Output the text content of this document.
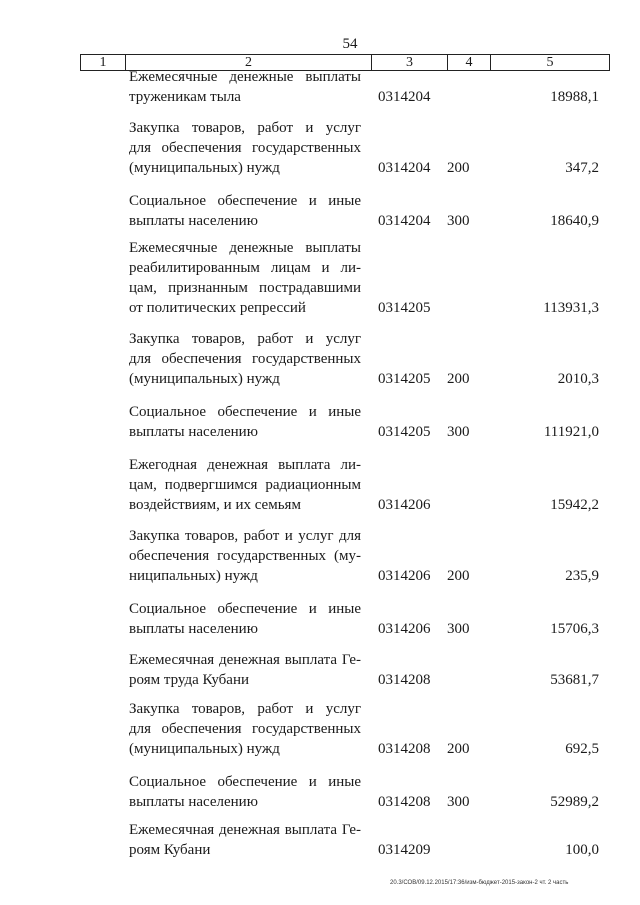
54
1	2	3	4	5
Ежемесячные денежные выплаты
труженикам тыла	0314204	18988,1
Закупка товаров, работ и услуг
для обеспечения государственных
(муниципальных) нужд	0314204 200	347,2
Социальное обеспечение и иные
выплаты населению	0314204 300	18640,9
Ежемесячные денежные выплаты
реабилитированным лицам и ли-
цам, признанным пострадавшими
от политических репрессий	0314205	113931,3
Закупка товаров, работ и услуг
для обеспечения государственных
(муниципальных) нужд	0314205 200	2010,3
Социальное обеспечение и иные
выплаты населению	0314205 300	111921,0
Ежегодная денежная выплата ли-
цам, подвергшимся радиационным
воздействиям, и их семьям	0314206	15942,2
Закупка товаров, работ и услуг для
обеспечения государственных (му-
ниципальных) нужд	0314206 200	235,9
Социальное обеспечение и иные
выплаты населению	0314206 300	15706,3
Ежемесячная денежная выплата Ге-
роям труда Кубани	0314208	53681,7
Закупка товаров, работ и услуг
для обеспечения государственных
(муниципальных) нужд	0314208 200	692,5
Социальное обеспечение и иные
выплаты населению	0314208 300	52989,2
Ежемесячная денежная выплата Ге-
роям Кубани	0314209	100,0
20.3/СОВ/09.12.2015/17:36/изм-бюджет-2015-закон-2 чт. 2 часть
